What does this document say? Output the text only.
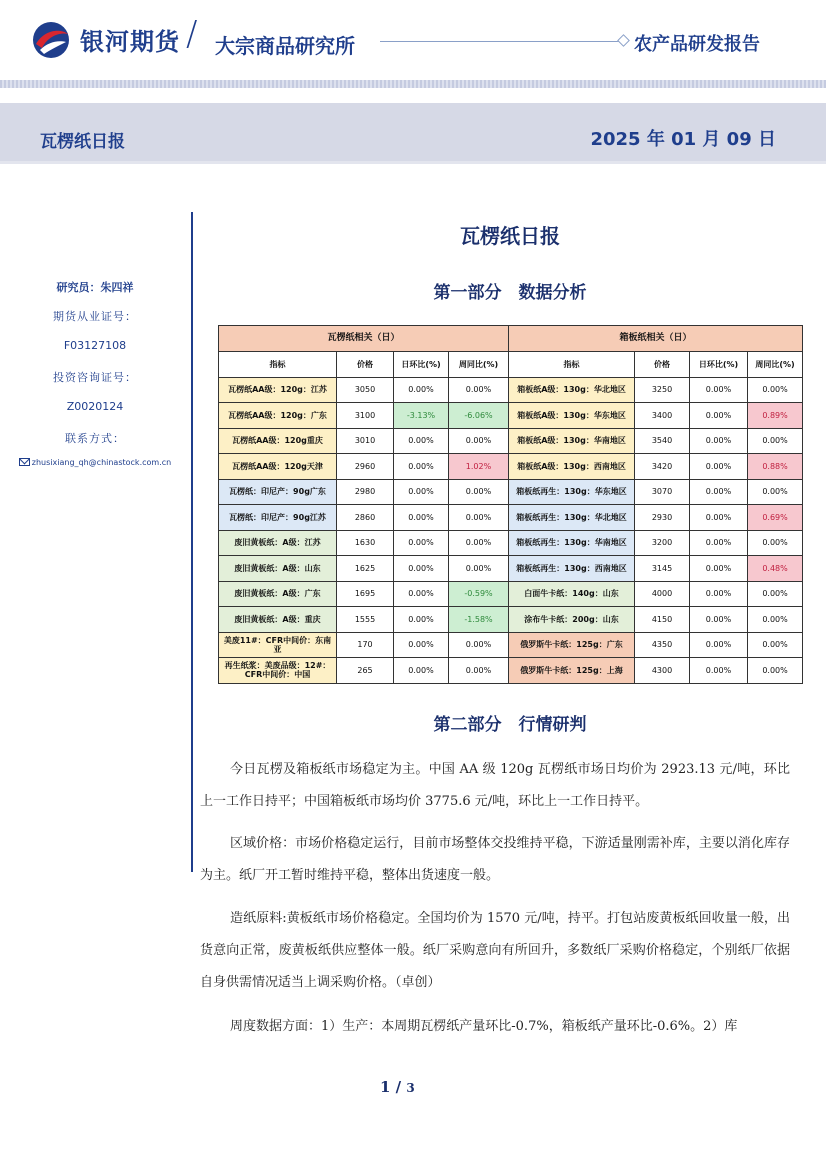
银河期货 / 大宗商品研究所	农产品研发报告
瓦楞纸日报	2025 年 01 月 09 日
研究员：朱四祥
期货从业证号：
F03127108
投资咨询证号：
Z0020124
联系方式：
zhusixiang_qh@chinastock.com.cn
瓦楞纸日报
第一部分　数据分析
瓦楞纸相关（日）				箱板纸相关（日）			
指标	价格	日环比(%)	周同比(%)	指标	价格	日环比(%)	周同比(%)
瓦楞纸AA级：120g：江苏	3050	0.00%	0.00%	箱板纸A级：130g：华北地区	3250	0.00%	0.00%
瓦楞纸AA级：120g：广东	3100	-3.13%	-6.06%	箱板纸A级：130g：华东地区	3400	0.00%	0.89%
瓦楞纸AA级：120g重庆	3010	0.00%	0.00%	箱板纸A级：130g：华南地区	3540	0.00%	0.00%
瓦楞纸AA级：120g天津	2960	0.00%	1.02%	箱板纸A级：130g：西南地区	3420	0.00%	0.88%
瓦楞纸：印尼产：90g广东	2980	0.00%	0.00%	箱板纸再生：130g：华东地区	3070	0.00%	0.00%
瓦楞纸：印尼产：90g江苏	2860	0.00%	0.00%	箱板纸再生：130g：华北地区	2930	0.00%	0.69%
废旧黄板纸：A级：江苏	1630	0.00%	0.00%	箱板纸再生：130g：华南地区	3200	0.00%	0.00%
废旧黄板纸：A级：山东	1625	0.00%	0.00%	箱板纸再生：130g：西南地区	3145	0.00%	0.48%
废旧黄板纸：A级：广东	1695	0.00%	-0.59%	白面牛卡纸：140g：山东	4000	0.00%	0.00%
废旧黄板纸：A级：重庆	1555	0.00%	-1.58%	涂布牛卡纸：200g：山东	4150	0.00%	0.00%
美废11#：CFR中间价：东南亚	170	0.00%	0.00%	俄罗斯牛卡纸：125g：广东	4350	0.00%	0.00%
再生纸浆：美废品级：12#：CFR中间价：中国	265	0.00%	0.00%	俄罗斯牛卡纸：125g：上海	4300	0.00%	0.00%
第二部分　行情研判

今日瓦楞及箱板纸市场稳定为主。中国 AA 级 120g 瓦楞纸市场日均价为 2923.13 元/吨，环比上一工作日持平；中国箱板纸市场均价 3775.6 元/吨，环比上一工作日持平。

区域价格：市场价格稳定运行，目前市场整体交投维持平稳，下游适量刚需补库，主要以消化库存为主。纸厂开工暂时维持平稳，整体出货速度一般。

造纸原料:黄板纸市场价格稳定。全国均价为 1570 元/吨，持平。打包站废黄板纸回收量一般，出货意向正常，废黄板纸供应整体一般。纸厂采购意向有所回升，多数纸厂采购价格稳定，个别纸厂依据自身供需情况适当上调采购价格。（卓创）

周度数据方面：1）生产：本周期瓦楞纸产量环比-0.7%，箱板纸产量环比-0.6%。2）库

1 / 3
